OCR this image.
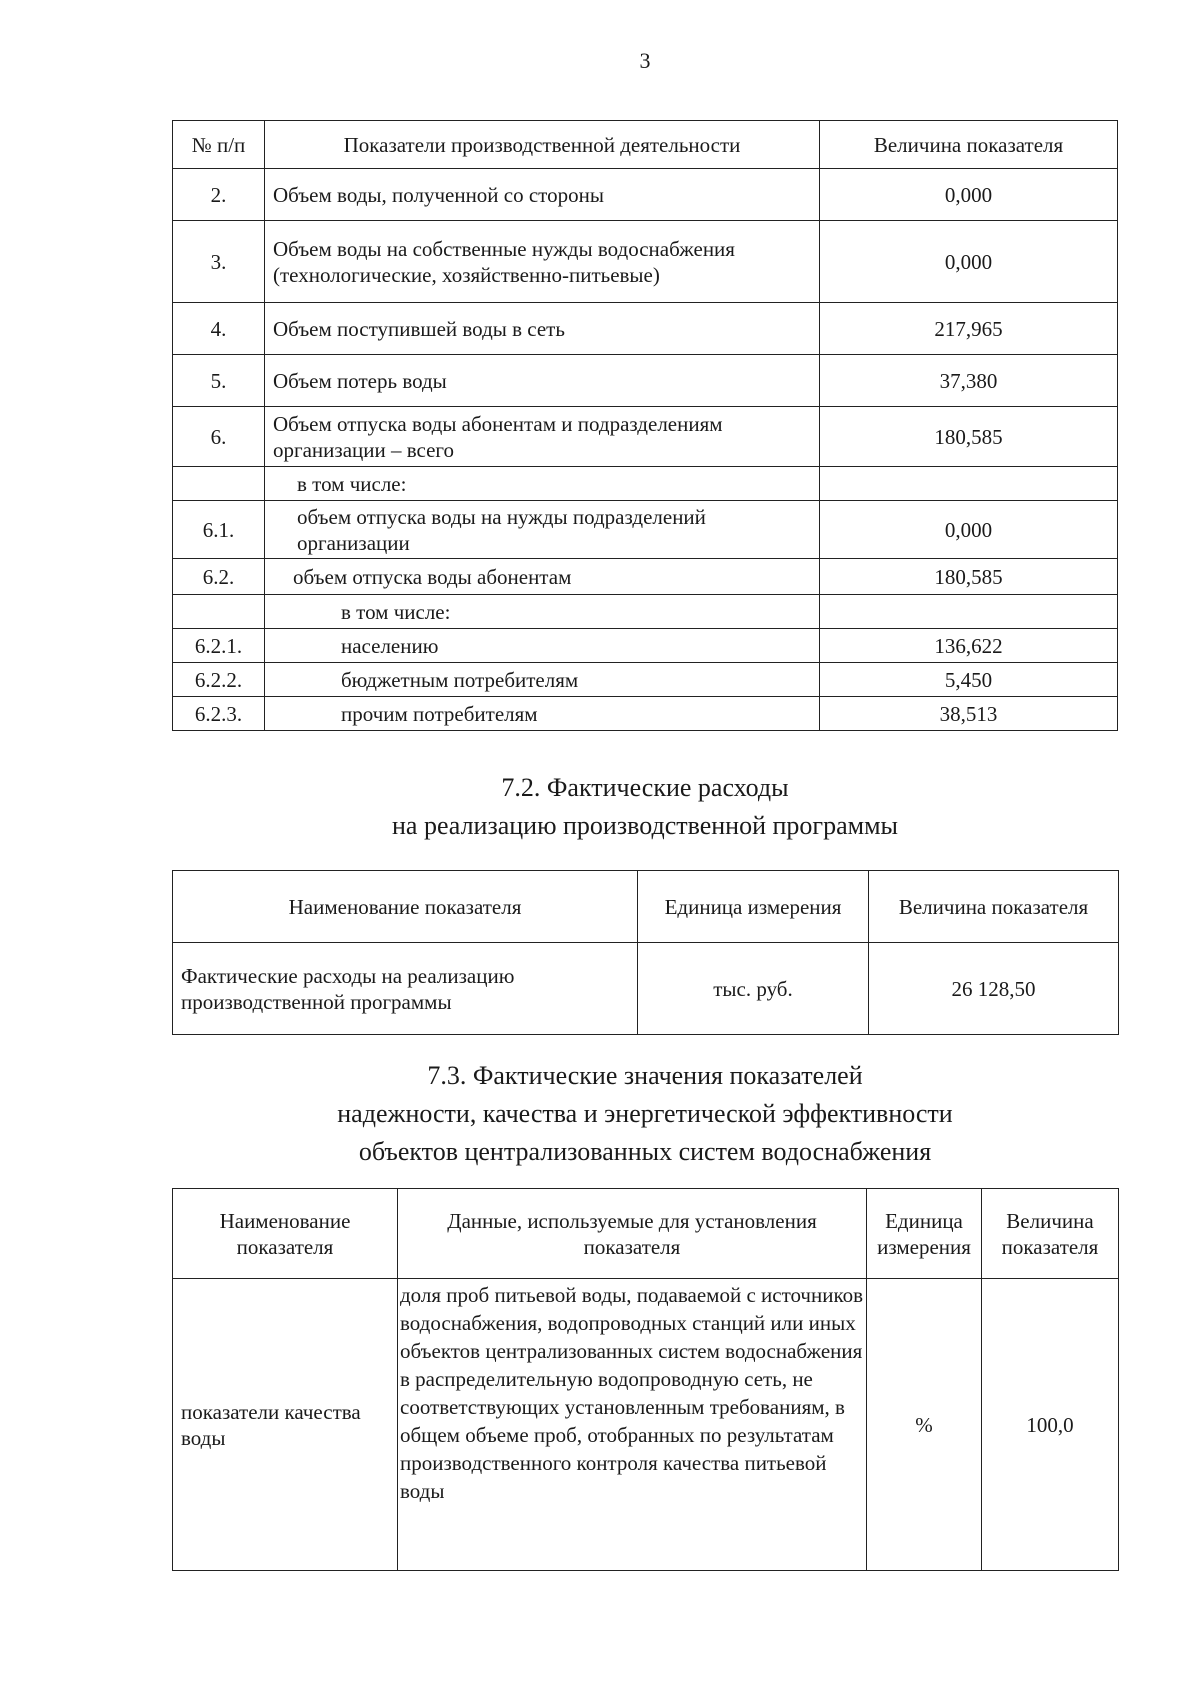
3
№ п/п	Показатели производственной деятельности	Величина показателя
2.	Объем воды, полученной со стороны	0,000
3.	Объем воды на собственные нужды водоснабжения (технологические, хозяйственно-питьевые)	0,000
4.	Объем поступившей воды в сеть	217,965
5.	Объем потерь воды	37,380
6.	Объем отпуска воды абонентам и подразделениям организации – всего	180,585
	в том числе:	
6.1.	объем отпуска воды на нужды подразделений организации	0,000
6.2.	объем отпуска воды абонентам	180,585
	в том числе:	
6.2.1.	населению	136,622
6.2.2.	бюджетным потребителям	5,450
6.2.3.	прочим потребителям	38,513
7.2. Фактические расходы
на реализацию производственной программы
Наименование показателя	Единица измерения	Величина показателя
Фактические расходы на реализацию производственной программы	тыс. руб.	26 128,50
7.3. Фактические значения показателей
надежности, качества и энергетической эффективности
объектов централизованных систем водоснабжения
Наименование показателя	Данные, используемые для установления показателя	Единица измерения	Величина показателя
показатели качества воды	доля проб питьевой воды, подаваемой с источников водоснабжения, водопроводных станций или иных объектов централизованных систем водоснабжения в распределительную водопроводную сеть, не соответствующих установленным требованиям, в общем объеме проб, отобранных по результатам производственного контроля качества питьевой воды	%	100,0
